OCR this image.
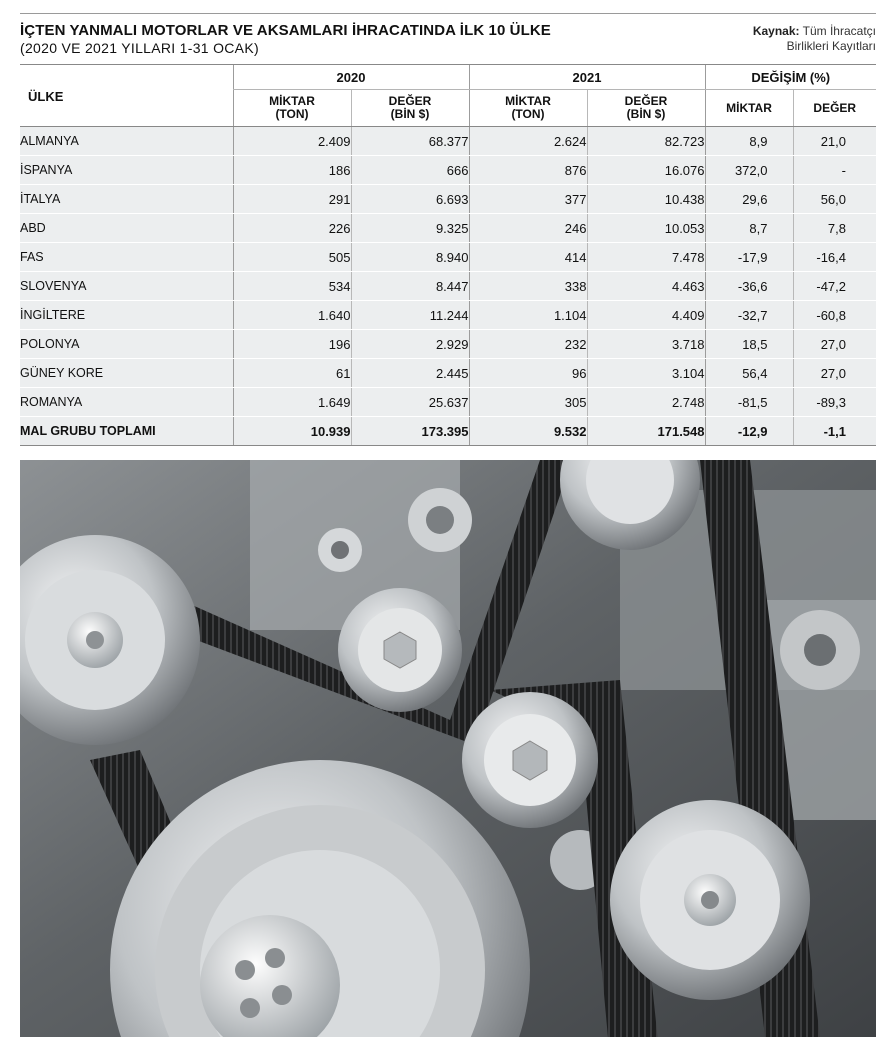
İÇTEN YANMALI MOTORLAR VE AKSAMLARI İHRACATINDA İLK 10 ÜLKE
(2020 VE 2021 YILLARI 1-31 OCAK)
Kaynak: Tüm İhracatçı
Birlikleri Kayıtları
ÜLKE	2020		2021		DEĞİŞİM (%)	
	MİKTAR
(TON)	DEĞER
(BİN $)	MİKTAR
(TON)	DEĞER
(BİN $)	MİKTAR	DEĞER
ALMANYA	2.409	68.377	2.624	82.723	8,9	21,0
İSPANYA	186	666	876	16.076	372,0	-
İTALYA	291	6.693	377	10.438	29,6	56,0
ABD	226	9.325	246	10.053	8,7	7,8
FAS	505	8.940	414	7.478	-17,9	-16,4
SLOVENYA	534	8.447	338	4.463	-36,6	-47,2
İNGİLTERE	1.640	11.244	1.104	4.409	-32,7	-60,8
POLONYA	196	2.929	232	3.718	18,5	27,0
GÜNEY KORE	61	2.445	96	3.104	56,4	27,0
ROMANYA	1.649	25.637	305	2.748	-81,5	-89,3
MAL GRUBU TOPLAMI	10.939	173.395	9.532	171.548	-12,9	-1,1
